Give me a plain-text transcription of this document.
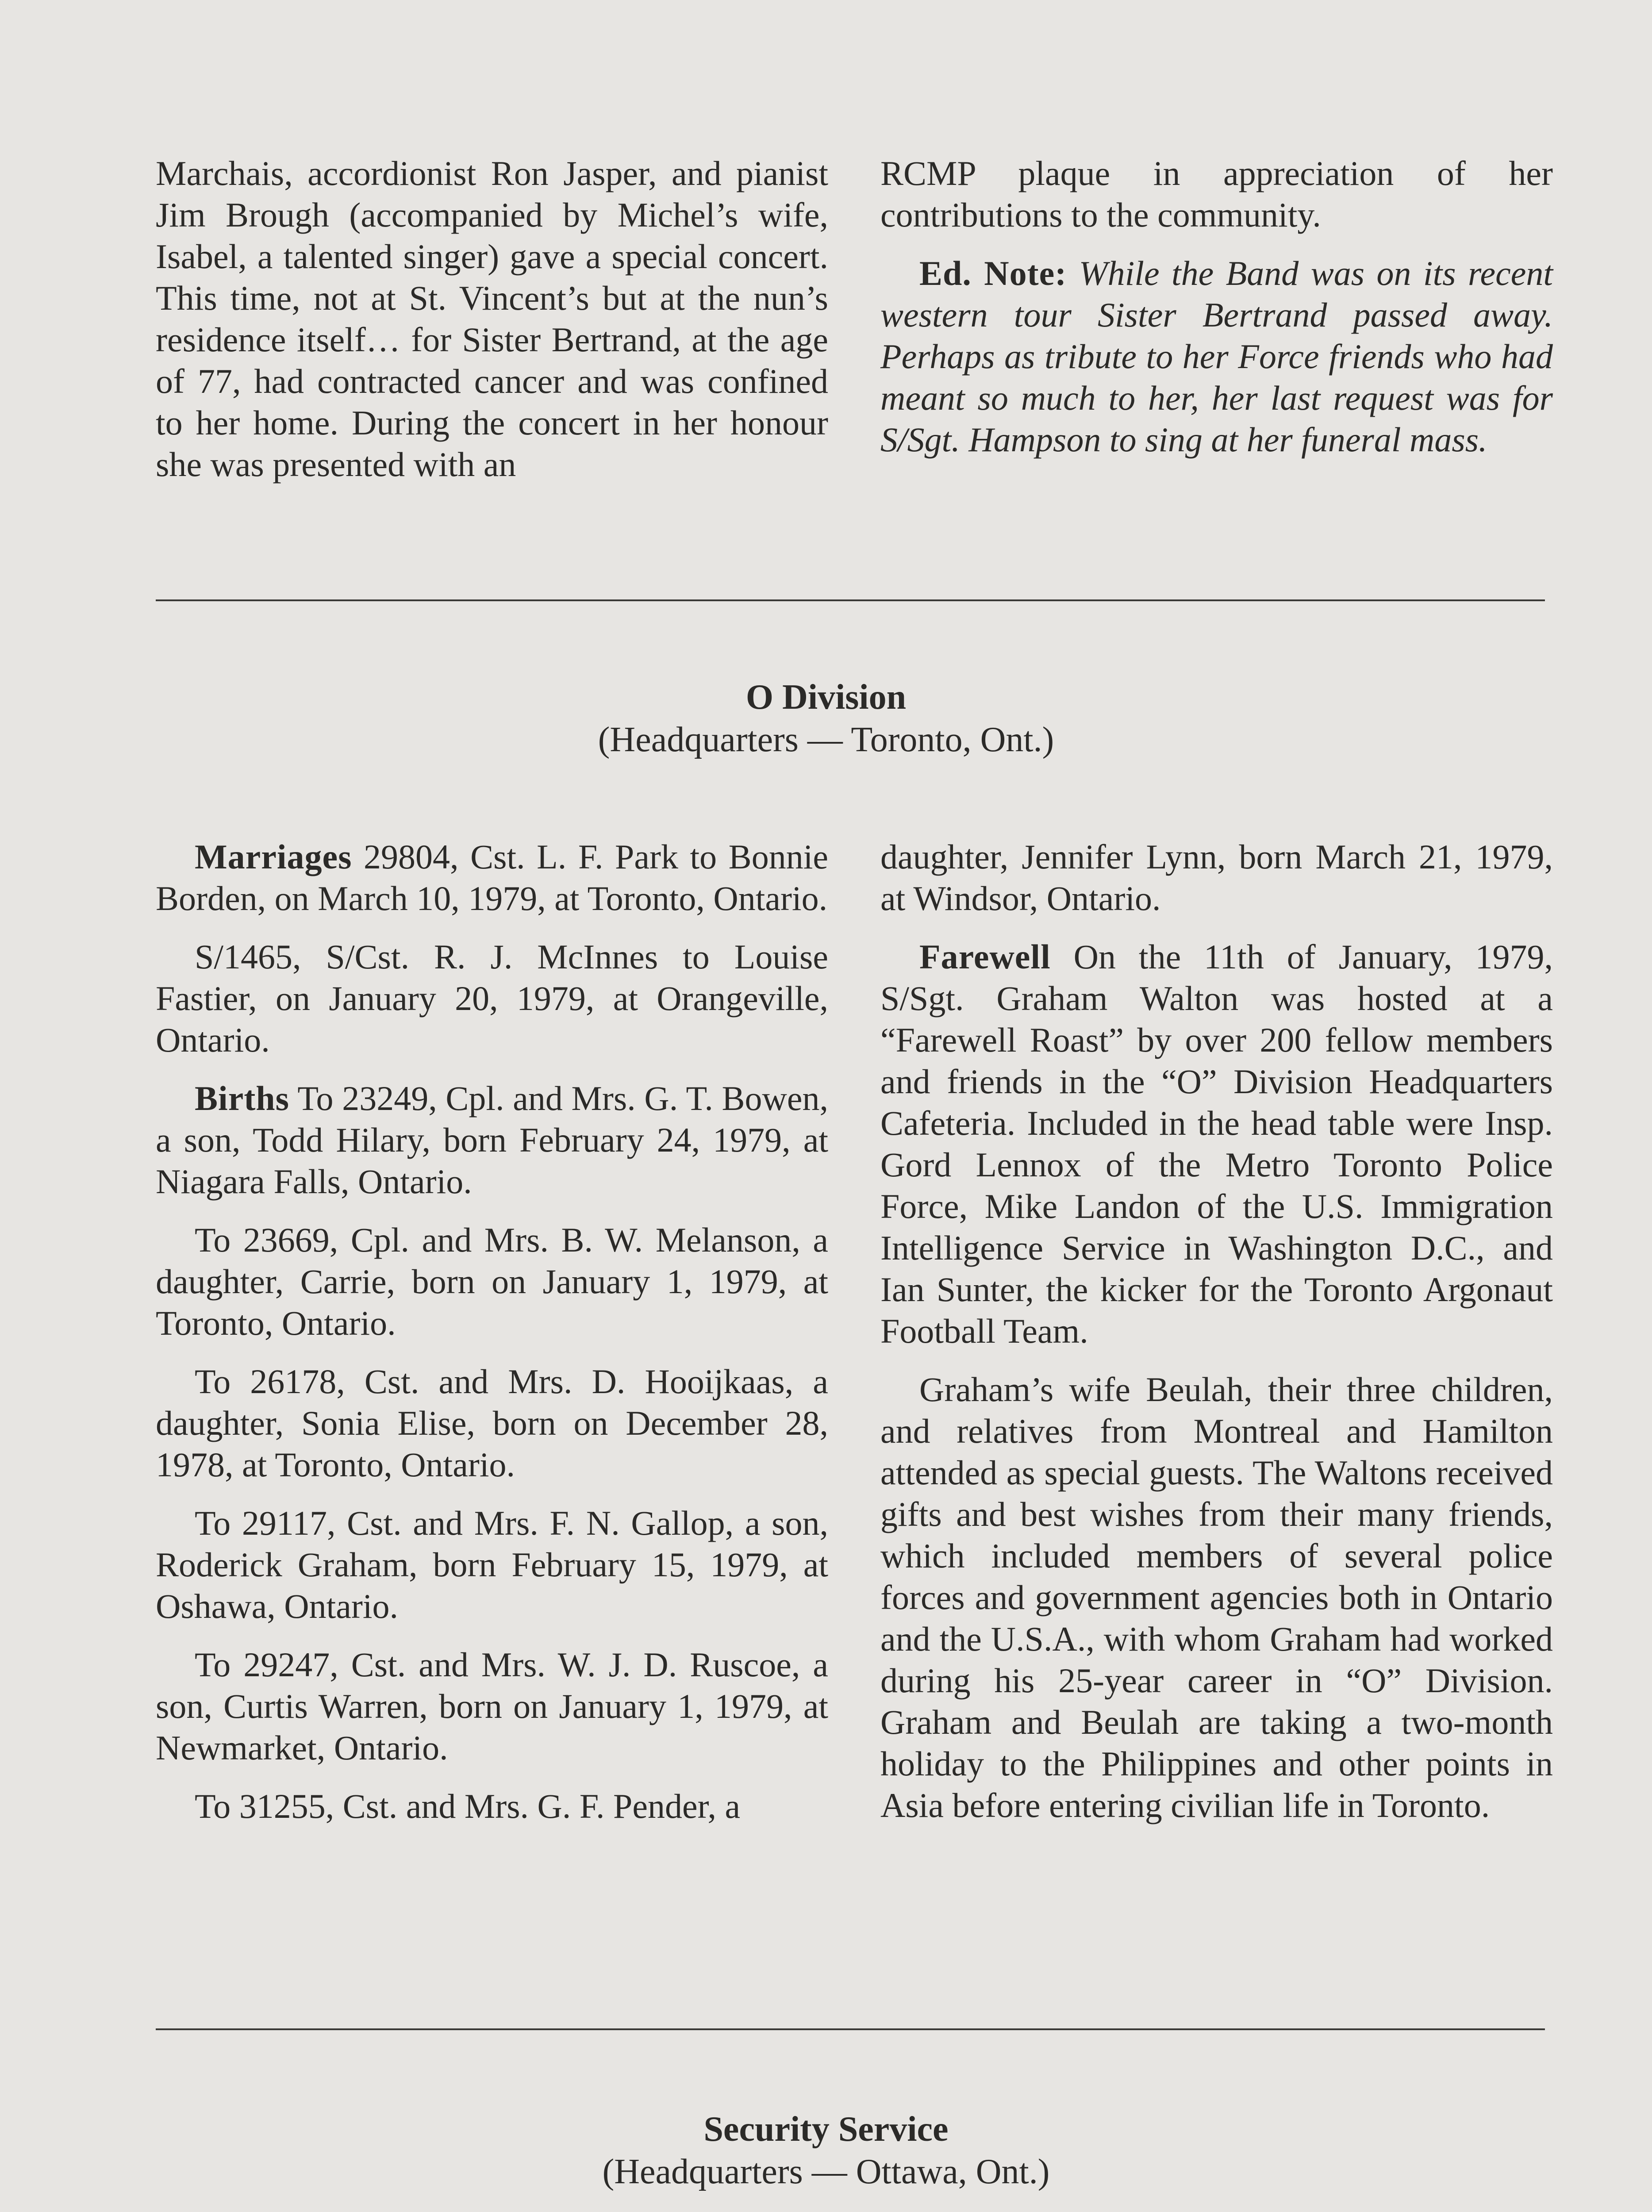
Marchais, accordionist Ron Jasper, and pianist Jim Brough (accompanied by Michel’s wife, Isabel, a talented singer) gave a special concert. This time, not at St. Vincent’s but at the nun’s residence itself… for Sister Bertrand, at the age of 77, had contracted cancer and was confined to her home. During the concert in her honour she was presented with an

RCMP plaque in appreciation of her contributions to the community.

Ed. Note: While the Band was on its recent western tour Sister Bertrand passed away. Perhaps as tribute to her Force friends who had meant so much to her, her last request was for S/Sgt. Hampson to sing at her funeral mass.

O Division
(Headquarters — Toronto, Ont.)

Marriages 29804, Cst. L. F. Park to Bonnie Borden, on March 10, 1979, at Toronto, Ontario.

S/1465, S/Cst. R. J. McInnes to Louise Fastier, on January 20, 1979, at Orangeville, Ontario.

Births To 23249, Cpl. and Mrs. G. T. Bowen, a son, Todd Hilary, born February 24, 1979, at Niagara Falls, Ontario.

To 23669, Cpl. and Mrs. B. W. Melanson, a daughter, Carrie, born on January 1, 1979, at Toronto, Ontario.

To 26178, Cst. and Mrs. D. Hooijkaas, a daughter, Sonia Elise, born on December 28, 1978, at Toronto, Ontario.

To 29117, Cst. and Mrs. F. N. Gallop, a son, Roderick Graham, born February 15, 1979, at Oshawa, Ontario.

To 29247, Cst. and Mrs. W. J. D. Ruscoe, a son, Curtis Warren, born on January 1, 1979, at Newmarket, Ontario.

To 31255, Cst. and Mrs. G. F. Pender, a

daughter, Jennifer Lynn, born March 21, 1979, at Windsor, Ontario.

Farewell On the 11th of January, 1979, S/Sgt. Graham Walton was hosted at a “Farewell Roast” by over 200 fellow members and friends in the “O” Division Headquarters Cafeteria. Included in the head table were Insp. Gord Lennox of the Metro Toronto Police Force, Mike Landon of the U.S. Immigration Intelligence Service in Washington D.C., and Ian Sunter, the kicker for the Toronto Argonaut Football Team.

Graham’s wife Beulah, their three children, and relatives from Montreal and Hamilton attended as special guests. The Waltons received gifts and best wishes from their many friends, which included members of several police forces and government agencies both in Ontario and the U.S.A., with whom Graham had worked during his 25-year career in “O” Division. Graham and Beulah are taking a two-month holiday to the Philippines and other points in Asia before entering civilian life in Toronto.

Security Service
(Headquarters — Ottawa, Ont.)
